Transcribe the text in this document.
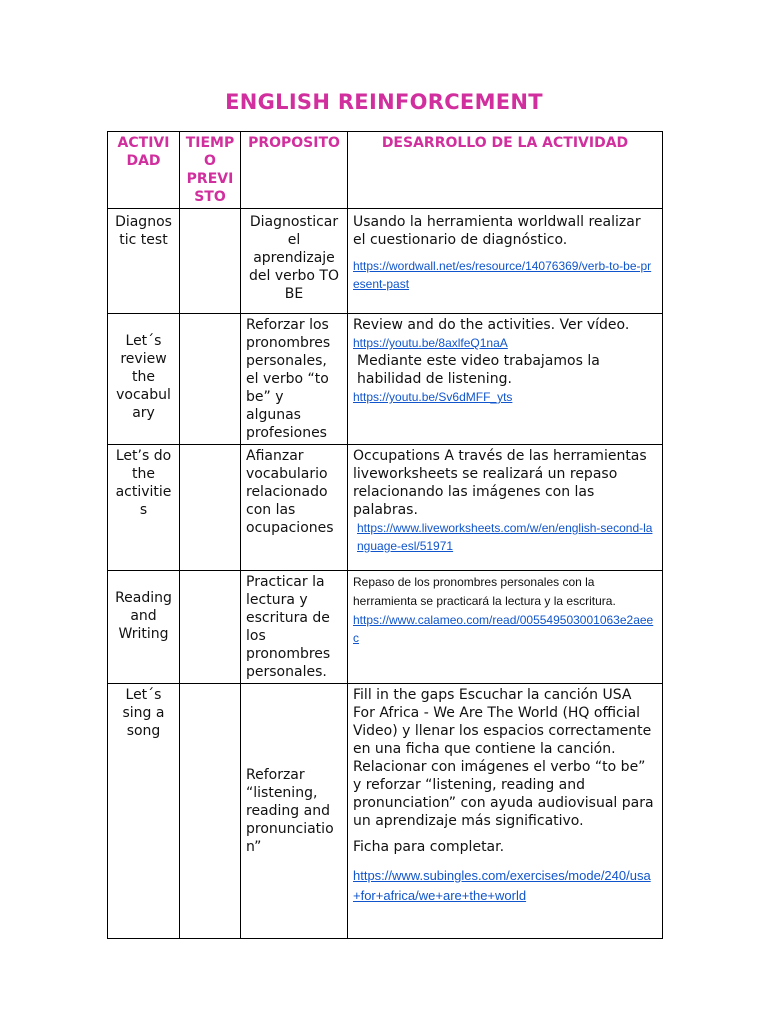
ENGLISH REINFORCEMENT
ACTIVIDAD	TIEMPO PREVISTO	PROPOSITO	DESARROLLO DE LA ACTIVIDAD
Diagnostic test		Diagnosticar el aprendizaje del verbo TO BE	Usando la herramienta worldwall realizar el cuestionario de diagnóstico.

https://wordwall.net/es/resource/14076369/verb-to-be-present-past

Let´s review the vocabulary		Reforzar los pronombres personales, el verbo “to be” y algunas profesiones	Review and do the activities. Ver vídeo.

https://youtu.be/8axlfeQ1naA

Mediante este video trabajamos la habilidad de listening.

https://youtu.be/Sv6dMFF_yts

Let’s do the activities		Afianzar vocabulario relacionado con las ocupaciones	Occupations A través de las herramientas liveworksheets se realizará un repaso relacionando las imágenes con las palabras.

https://www.liveworksheets.com/w/en/english-second-language-esl/51971

Reading and Writing		Practicar la lectura y escritura de los pronombres personales.	Repaso de los pronombres personales con la herramienta se practicará la lectura y la escritura.

https://www.calameo.com/read/005549503001063e2aeec

Let´s sing a song		Reforzar “listening, reading and pronunciation”	Fill in the gaps Escuchar la canción USA For Africa - We Are The World (HQ official Video) y llenar los espacios correctamente en una ficha que contiene la canción. Relacionar con imágenes el verbo “to be” y reforzar “listening, reading and pronunciation” con ayuda audiovisual para un aprendizaje más significativo.

Ficha para completar.

https://www.subingles.com/exercises/mode/240/usa+for+africa/we+are+the+world
